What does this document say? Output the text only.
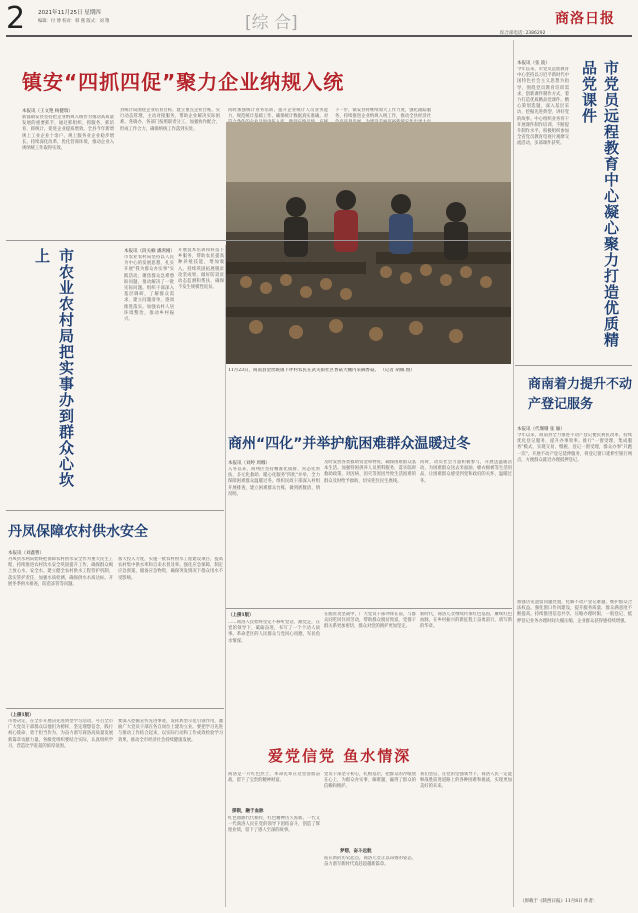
2 2021年11月25日 星期四
编辑：付 博 校对：韩 燕 版式：刘 翔	[综 合]
综合部电话: 2386292
商洛日报
镇安“四抓四促”聚力企业纳规入统
本报讯（王文艳 杨健瑞）
新都镇安县坚持把企业纳规入统作为推动高质量发展的重要抓手，通过抓组织、抓服务、抓培育、抓统计，促进企业提质增效。全县今年新增规上工业企业十余户，规上服务业企业稳步增长。持续深化改革，优化营商环境，推动企业入规纳统工作取得实效。
县统计局围绕企业培育目标，建立重点企业台账，实行动态管理，主动对接服务，帮助企业解决实际困难。各镇办、各部门按照职责分工，加强协作配合，形成工作合力，确保纳统工作落到实处。
同时加强统计业务培训，提升企业统计人员业务能力，规范统计基础工作，确保统计数据真实准确。对
下一步，镇安县将继续加大工作力度，强化跟踪服务，持续推进企业纳规入统工作，推动全县经济社
本报讯（张 波）
今年以来，市党员远程教育中心坚持以习近平新时代中国特色社会主义思想为指导，围绕党员教育培训需求，创新课件制作方式，着力打造优质精品党课件。精心策划选题，深入基层采访，挖掘先进典型，讲好党的故事。中心组织业务骨干开展课件制作培训，不断提升制作水平。积极组织参加全省党员教育电视片观摩交流活动，多部课件获奖。	市党员远程教育中心凝心聚力打造优质精品党课件
11月23日，商南县金丝峡镇下坪村农民在武关街社区香菇大棚内采摘香菇。 （记者 胡佩 摄）
市农业农村局把实事办到群众心坎上	本报讯（段关楠 潘鸿刚）
市农业农村局坚持以人民为中心的发展思想，扎实开展"我为群众办实事"实践活动，聚焦群众急难愁盼问题，推动解决了一批实际问题。组织干部深入基层调研，了解群众需求，建立问题清单，逐项推进落实。加强农村人居环境整治，推动乡村振兴。
开展技术培训和科技下乡服务，帮助农民提高种养殖技能，增加收入。持续巩固拓展脱贫攻坚成果，做好防返贫动态监测和帮扶，确保不发生规模性返贫。
丹凤保障农村供水安全
本报讯（刘鑫曹）
丹凤县水利局始终把保障农村供水安全作为重大民生工程，持续推进农村饮水安全巩固提升工作，确保群众喝上放心水、安全水。建立健全农村供水工程管护机制，落实管护责任，加强水质检测，确保供水水质达标。开展冬季供水排查，防范冻管等问题。
加大投入力度，实施一批农村供水工程建设项目，提高农村集中供水率和自来水普及率。强化应急保障，制定应急预案，储备应急物资，确保突发情况下群众用水不受影响。
（上接1版）
市委决定，在全市开展向先进典型学习活动，号召全市广大党员干部群众以他们为榜样，坚定理想信念，践行初心使命，勇于担当作为，为奋力谱写商洛高质量发展新篇章贡献力量。各级党组织要结合实际，认真组织学习，营造比学赶超的浓厚氛围。
要深入挖掘宣传先进事迹，发挥典型示范引领作用，激励广大党员干部在各自岗位上建功立业。要把学习先进与推动工作结合起来，以实际行动和工作成效检验学习效果，推动全市经济社会持续健康发展。
商州“四化”并举护航困难群众温暖过冬
本报讯（刘婷 周娜）
入冬以来，商州区坚持精准化摸排、常态化帮扶、多元化救助、暖心化服务"四化"并举，全力保障困难群众温暖过冬。组织民政干部深入村组开展排查，建立困难群众台账，做到底数清、情况明。
及时发放各类救助资金和物资，确保困难群众基本生活。加强特困供养人员照料服务，落实临时救助政策，对因病、因灾等原因导致生活困难的群众及时给予救助，切实兜住民生底线。
同时，动员社会力量积极参与，开展送温暖活动，为困难群众送去米面油、棉衣棉被等生活用品，让困难群众感受到党和政府的关怀，温暖过冬。
商南着力提升不动产登记服务
本报讯（代珊珊 张 颖）
今年以来，商南县全力推进不动产登记便民利民改革，持续优化登记服务，提升办事效率。推行"一窗受理、集成服务"模式，实现交易、缴税、登记一窗受理，群众办事"只跑一次"。开展不动产登记延伸服务，将登记窗口延伸至银行网点，方便群众就近办理抵押登记。
加强历史遗留问题处置，化解不动产登记难题，维护群众合法权益。强化窗口作风建设，提升服务质量，群众满意度不断提高。持续推进信息共享，压缩办理时限，一般登记、抵押登记业务办理时间大幅压缩，企业群众获得感持续增强。
（上接1版）
……商洛人民始终坚定不移听党话、跟党走，在党的领导下，砥砺奋进，书写了一个个动人故事。革命老区的人民群众与党同心同德，军民鱼水情深。
在脱贫攻坚战中，广大党员干部冲锋在前，与群众同吃同住同劳动，帮助群众脱贫致富，党群干群关系更加密切，群众对党的拥护更加坚定。
新时代，商洛儿女继续传承红色基因，赓续红色血脉，在乡村振兴的新征程上奋勇前行，谱写新的华章。
爱党信党 鱼水情深
商洛是一片红色热土，革命先辈在这里浴血奋战，留下了宝贵的精神财富。
探锁，融于血脉
红色血脉代代相传，红色精神历久弥新。一代又一代商洛人民在党的领导下团结奋斗，创造了辉煌业绩，留下了感人至深的故事。
党员干部坚守初心，扎根基层，把群众的冷暖放在心上，为群众办实事、解难题，赢得了群众的信赖和拥护。
梦想，奋斗远航
站在新的历史起点，商洛儿女正以昂扬的姿态，奋力谱写新时代追赶超越新篇章。
我们坚信，在党的坚强领导下，商洛人民一定能够战胜前进道路上的各种困难和挑战，实现更加美好的未来。
（原载于《陕西日报》11月8日 作者：
